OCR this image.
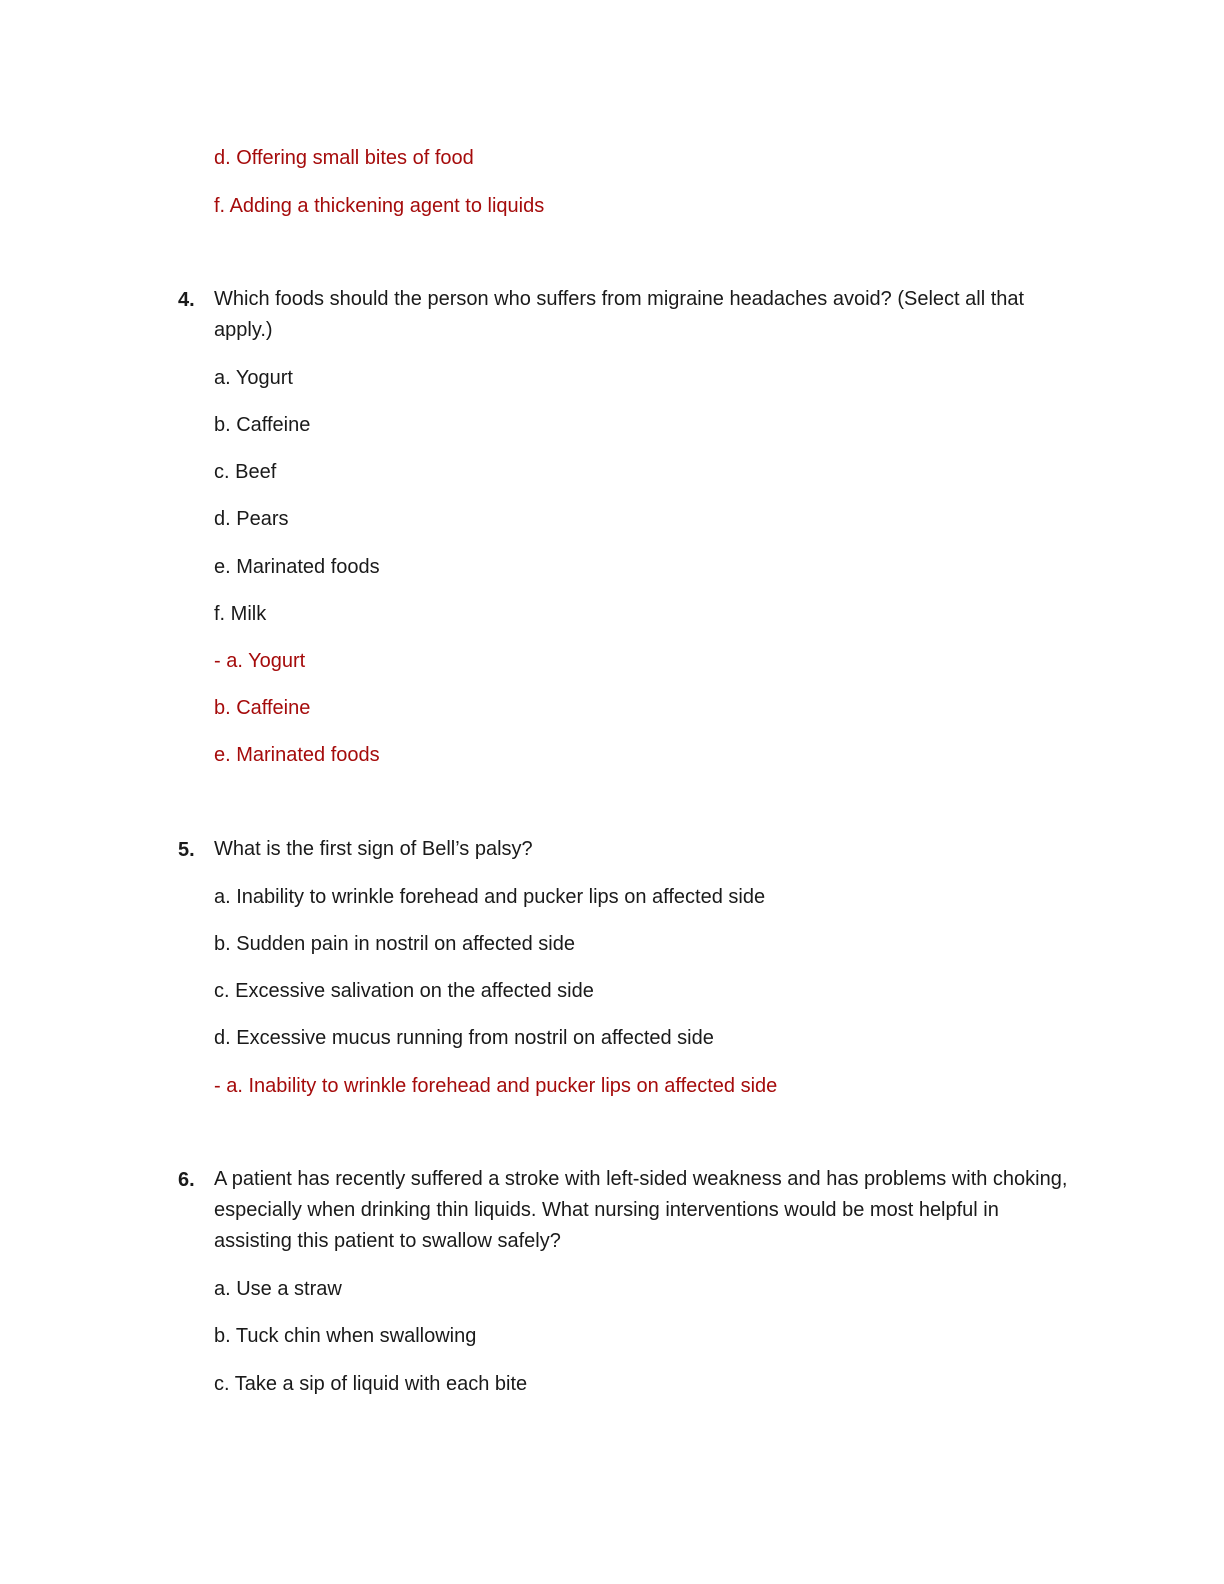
d. Offering small bites of food
f. Adding a thickening agent to liquids
4. Which foods should the person who suffers from migraine headaches avoid? (Select all that apply.)
a. Yogurt
b. Caffeine
c. Beef
d. Pears
e. Marinated foods
f. Milk
- a. Yogurt
b. Caffeine
e. Marinated foods
5. What is the first sign of Bell’s palsy?
a. Inability to wrinkle forehead and pucker lips on affected side
b. Sudden pain in nostril on affected side
c. Excessive salivation on the affected side
d. Excessive mucus running from nostril on affected side
- a. Inability to wrinkle forehead and pucker lips on affected side
6. A patient has recently suffered a stroke with left-sided weakness and has problems with choking, especially when drinking thin liquids. What nursing interventions would be most helpful in assisting this patient to swallow safely?
a. Use a straw
b. Tuck chin when swallowing
c. Take a sip of liquid with each bite
